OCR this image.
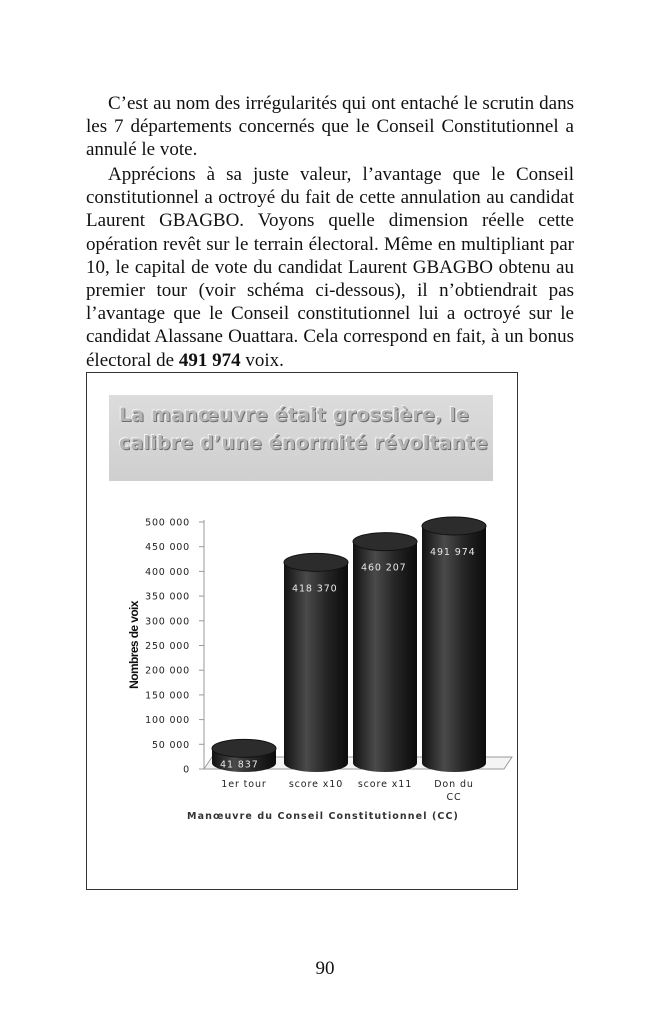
C’est au nom des irrégularités qui ont entaché le scrutin dans les 7 départements concernés que le Conseil Constitutionnel a annulé le vote.

Apprécions à sa juste valeur, l’avantage que le Conseil constitutionnel a octroyé du fait de cette annulation au candidat Laurent GBAGBO. Voyons quelle dimension réelle cette opération revêt sur le terrain électoral. Même en multipliant par 10, le capital de vote du candidat Laurent GBAGBO obtenu au premier tour (voir schéma ci-dessous), il n’obtiendrait pas l’avantage que le Conseil constitutionnel lui a octroyé sur le candidat Alassane Ouattara. Cela correspond en fait, à un bonus électoral de 491 974 voix.

La manœuvre était grossière, le
calibre d’une énormité révoltante
0
50 000
100 000
150 000
200 000
250 000
300 000
350 000
400 000
450 000
500 000
Nombres de voix
41 837
418 370
460 207
491 974
1er tour score x10 score x11 Don du
CC
Manœuvre du Conseil Constitutionnel (CC)
90
